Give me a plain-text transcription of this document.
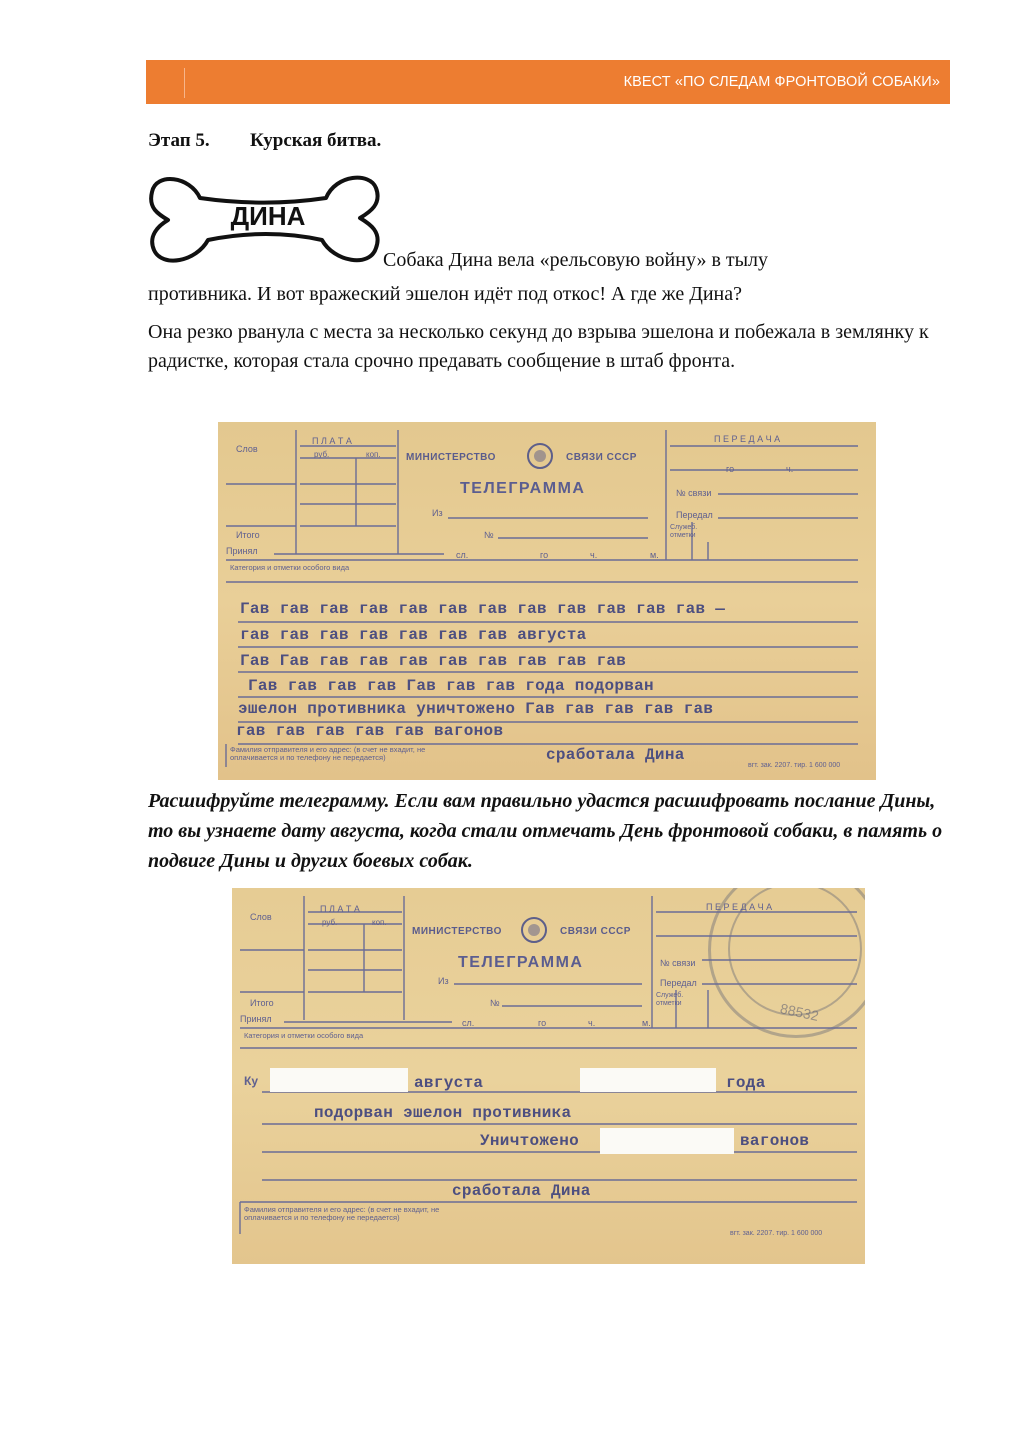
КВЕСТ «ПО СЛЕДАМ ФРОНТОВОЙ СОБАКИ»
Этап 5. Курская битва.
ДИНА
Собака Дина вела «рельсовую войну» в тылу
противника. И вот вражеский эшелон идёт под откос! А где же Дина?
Она резко рванула с места за несколько секунд до взрыва эшелона и побежала в землянку к радистке, которая стала срочно предавать сообщение в штаб фронта.
Слов
П Л А Т А
руб.	коп.
Итого
Принял
МИНИСТЕРСТВО	СВЯЗИ СССР
ТЕЛЕГРАММА
Из
№
сл.	го	ч.	м.
П Е Р Е Д А Ч А
го	ч.
№ связи
Передал
Служеб. отметки
Категория и отметки особого вида
Гав гав гав гав гав гав гав гав гав гав гав гав —
гав гав гав гав гав гав гав августа
Гав Гав гав гав гав гав гав гав гав гав
Гав гав гав гав Гав гав гав года подорван
эшелон противника уничтожено Гав гав гав гав гав
гав гав гав гав гав вагонов
Фамилия отправителя и его адрес: (в счет не вхадит, не оплачивается и по телефону не передается)	сработала Дина
вгт. зак. 2207. тир. 1 600 000
Расшифруйте телеграмму. Если вам правильно удастся расшифровать послание Дины, то вы узнаете дату августа, когда стали отмечать День фронтовой собаки, в память о подвиге Дины и других боевых собак.
Слов
П Л А Т А
руб.	коп.
Итого
Принял
МИНИСТЕРСТВО	СВЯЗИ СССР
ТЕЛЕГРАММА
Из
№
сл.	го	ч.	м.
П Е Р Е Д А Ч А
№ связи
Передал
Служеб. отметки	88532
Категория и отметки особого вида
Ку	августа	года
подорван эшелон противника
Уничтожено	вагонов
сработала Дина
Фамилия отправителя и его адрес: (в счет не вхадит, не оплачивается и по телефону не передается)
вгт. зак. 2207. тир. 1 600 000
